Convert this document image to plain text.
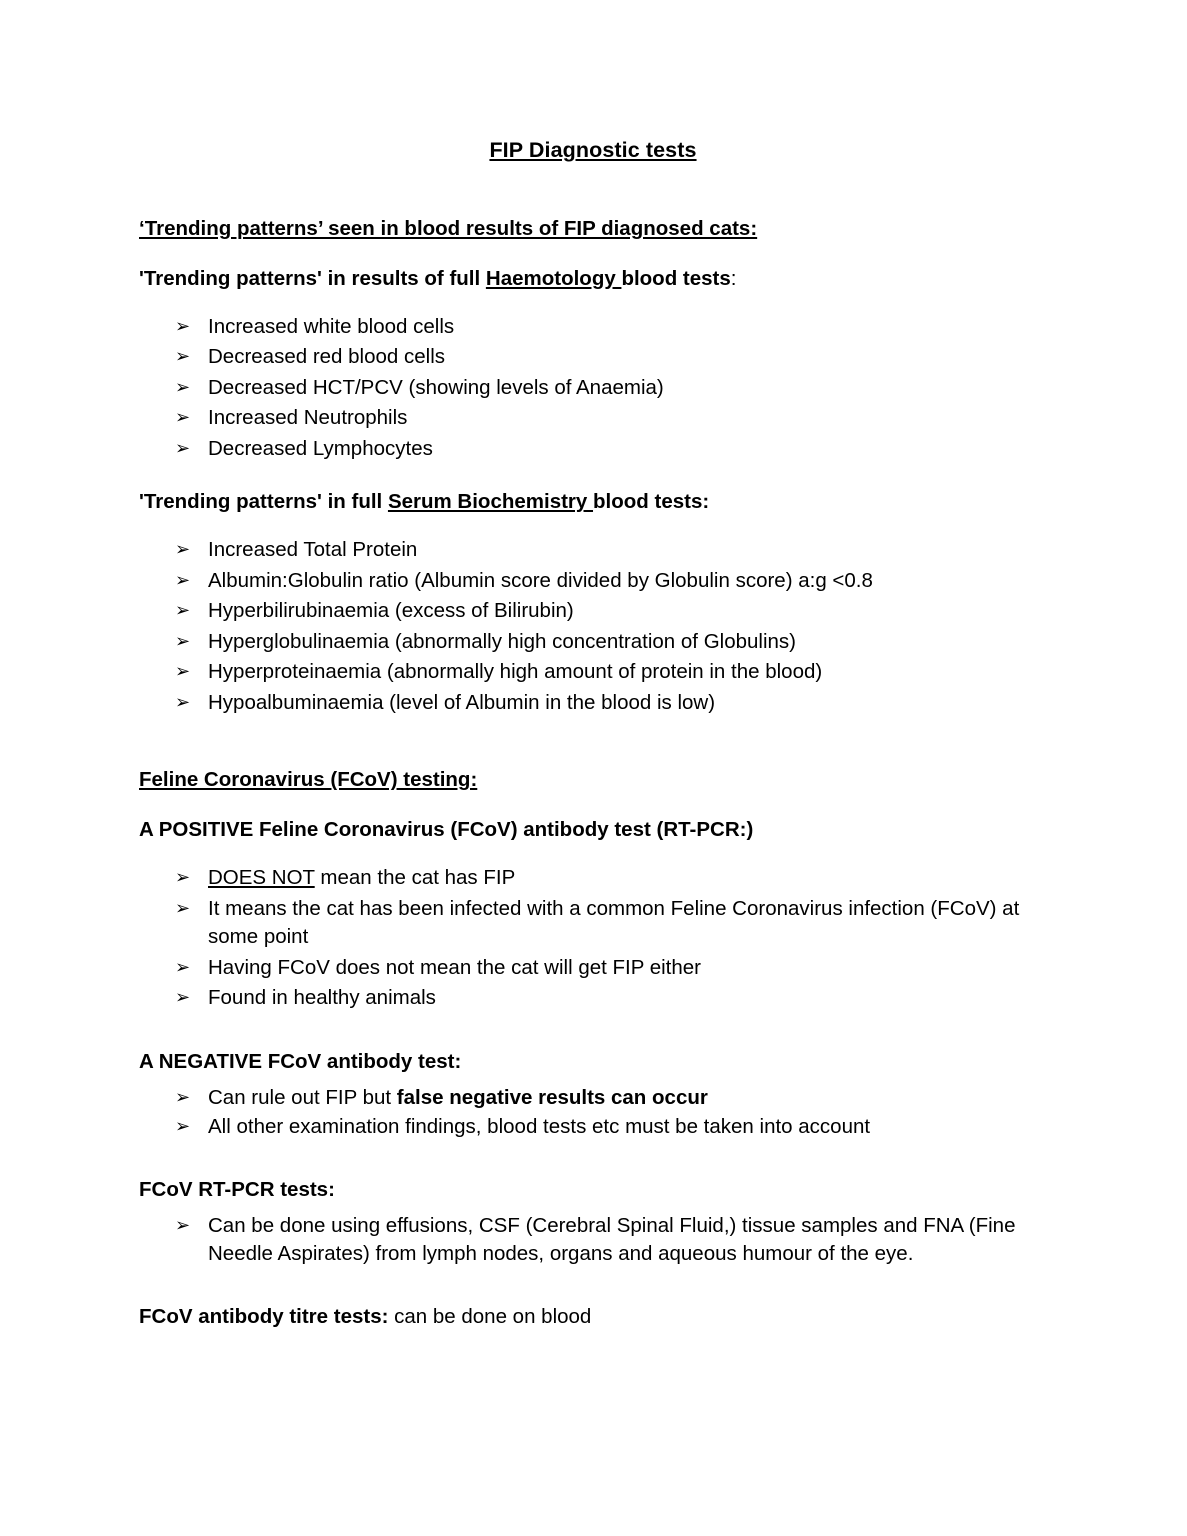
FIP Diagnostic tests
‘Trending patterns’ seen in blood results of FIP diagnosed cats:
'Trending patterns' in results of full Haemotology blood tests:
➢ Increased white blood cells
➢ Decreased red blood cells
➢ Decreased HCT/PCV (showing levels of Anaemia)
➢ Increased Neutrophils
➢ Decreased Lymphocytes
'Trending patterns' in full Serum Biochemistry blood tests:
➢ Increased Total Protein
➢ Albumin:Globulin ratio (Albumin score divided by Globulin score) a:g <0.8
➢ Hyperbilirubinaemia (excess of Bilirubin)
➢ Hyperglobulinaemia (abnormally high concentration of Globulins)
➢ Hyperproteinaemia (abnormally high amount of protein in the blood)
➢ Hypoalbuminaemia (level of Albumin in the blood is low)
Feline Coronavirus (FCoV) testing:
A POSITIVE Feline Coronavirus (FCoV) antibody test (RT-PCR:)
➢ DOES NOT mean the cat has FIP
➢ It means the cat has been infected with a common Feline Coronavirus infection (FCoV) at some point
➢ Having FCoV does not mean the cat will get FIP either
➢ Found in healthy animals
A NEGATIVE FCoV antibody test:
➢ Can rule out FIP but false negative results can occur
➢ All other examination findings, blood tests etc must be taken into account
FCoV RT-PCR tests:
➢ Can be done using effusions, CSF (Cerebral Spinal Fluid,) tissue samples and FNA (Fine Needle Aspirates) from lymph nodes, organs and aqueous humour of the eye.
FCoV antibody titre tests: can be done on blood
